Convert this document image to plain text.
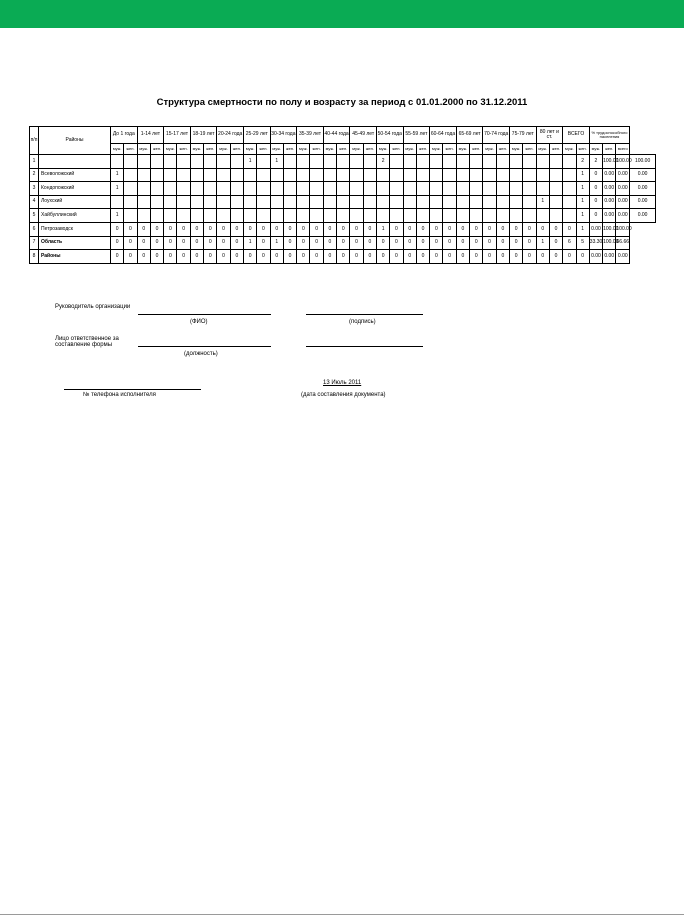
Структура смертности по полу и возрасту за период с 01.01.2000 по 31.12.2011
п/п	Районы	До 1 года		1-14 лет		15-17 лет		18-19 лет		20-24 года		25-29 лет		30-34 года		35-39 лет		40-44 года		45-49 лет		50-54 года		55-59 лет		60-64 года		65-69 лет		70-74 года		75-79 лет		80 лет и ст.		ВСЕГО		% трудоспособного населения			
		муж.	жен.	муж.	жен.	муж.	жен.	муж.	жен.	муж.	жен.	муж.	жен.	муж.	жен.	муж.	жен.	муж.	жен.	муж.	жен.	муж.	жен.	муж.	жен.	муж.	жен.	муж.	жен.	муж.	жен.	муж.	жен.	муж.	жен.	муж.	жен.	муж.	жен.	всего	
1												1		1								2															2	2	100.00	100.00	100.00
2	Всеволожский	1																																			1	0	0.00	0.00	0.00
3	Кондопожский	1																																			1	0	0.00	0.00	0.00
4	Лоухский																																	1			1	0	0.00	0.00	0.00
5	Хайбуллинский	1																																			1	0	0.00	0.00	0.00
6	Петрозаводск	0	0	0	0	0	0	0	0	0	0	0	0	0	0	0	0	0	0	0	0	1	0	0	0	0	0	0	0	0	0	0	0	0	0	0	1	0.00	100.00	100.00	
7	Область	0	0	0	0	0	0	0	0	0	0	1	0	1	0	0	0	0	0	0	0	0	0	0	0	0	0	0	0	0	0	0	0	1	0	6	5	33.30	100.00	66.66	
8	Районы	0	0	0	0	0	0	0	0	0	0	0	0	0	0	0	0	0	0	0	0	0	0	0	0	0	0	0	0	0	0	0	0	0	0	0	0	0.00	0.00	0.00	
Руководитель организации
(ФИО)	(подпись)
Лицо ответственное за составление формы
(должность)
№ телефона исполнителя
13 Июль 2011
(дата составления документа)
